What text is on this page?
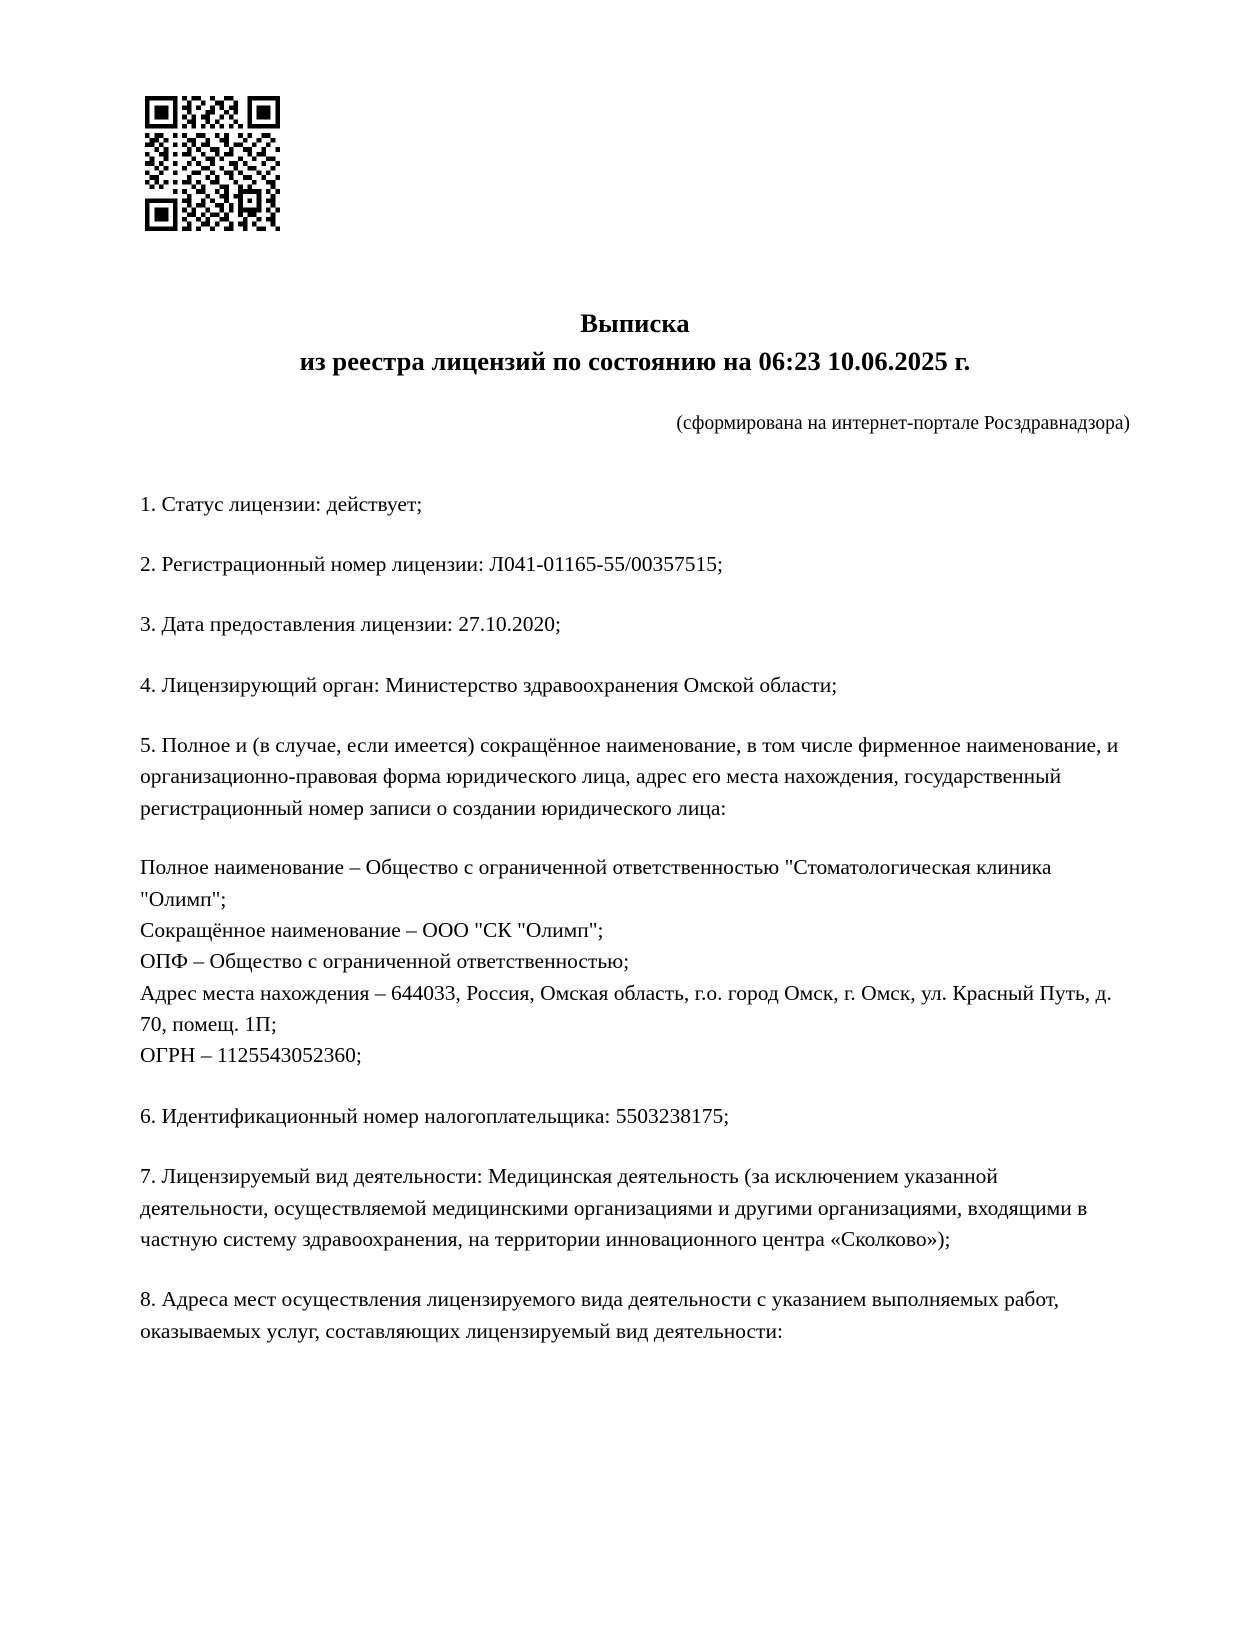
Выписка
из реестра лицензий по состоянию на 06:23 10.06.2025 г.
(сформирована на интернет-портале Росздравнадзора)

1. Статус лицензии: действует;

2. Регистрационный номер лицензии: Л041-01165-55/00357515;

3. Дата предоставления лицензии: 27.10.2020;

4. Лицензирующий орган: Министерство здравоохранения Омской области;

5. Полное и (в случае, если имеется) сокращённое наименование, в том числе фирменное наименование, и организационно-правовая форма юридического лица, адрес его места нахождения, государственный регистрационный номер записи о создании юридического лица:

Полное наименование – Общество с ограниченной ответственностью "Стоматологическая клиника "Олимп";
Сокращённое наименование – ООО "СК "Олимп";
ОПФ – Общество с ограниченной ответственностью;
Адрес места нахождения – 644033, Россия, Омская область, г.о. город Омск, г. Омск, ул. Красный Путь, д. 70, помещ. 1П;
ОГРН – 1125543052360;

6. Идентификационный номер налогоплательщика: 5503238175;

7. Лицензируемый вид деятельности: Медицинская деятельность (за исключением указанной деятельности, осуществляемой медицинскими организациями и другими организациями, входящими в частную систему здравоохранения, на территории инновационного центра «Сколково»);

8. Адреса мест осуществления лицензируемого вида деятельности с указанием выполняемых работ, оказываемых услуг, составляющих лицензируемый вид деятельности:
